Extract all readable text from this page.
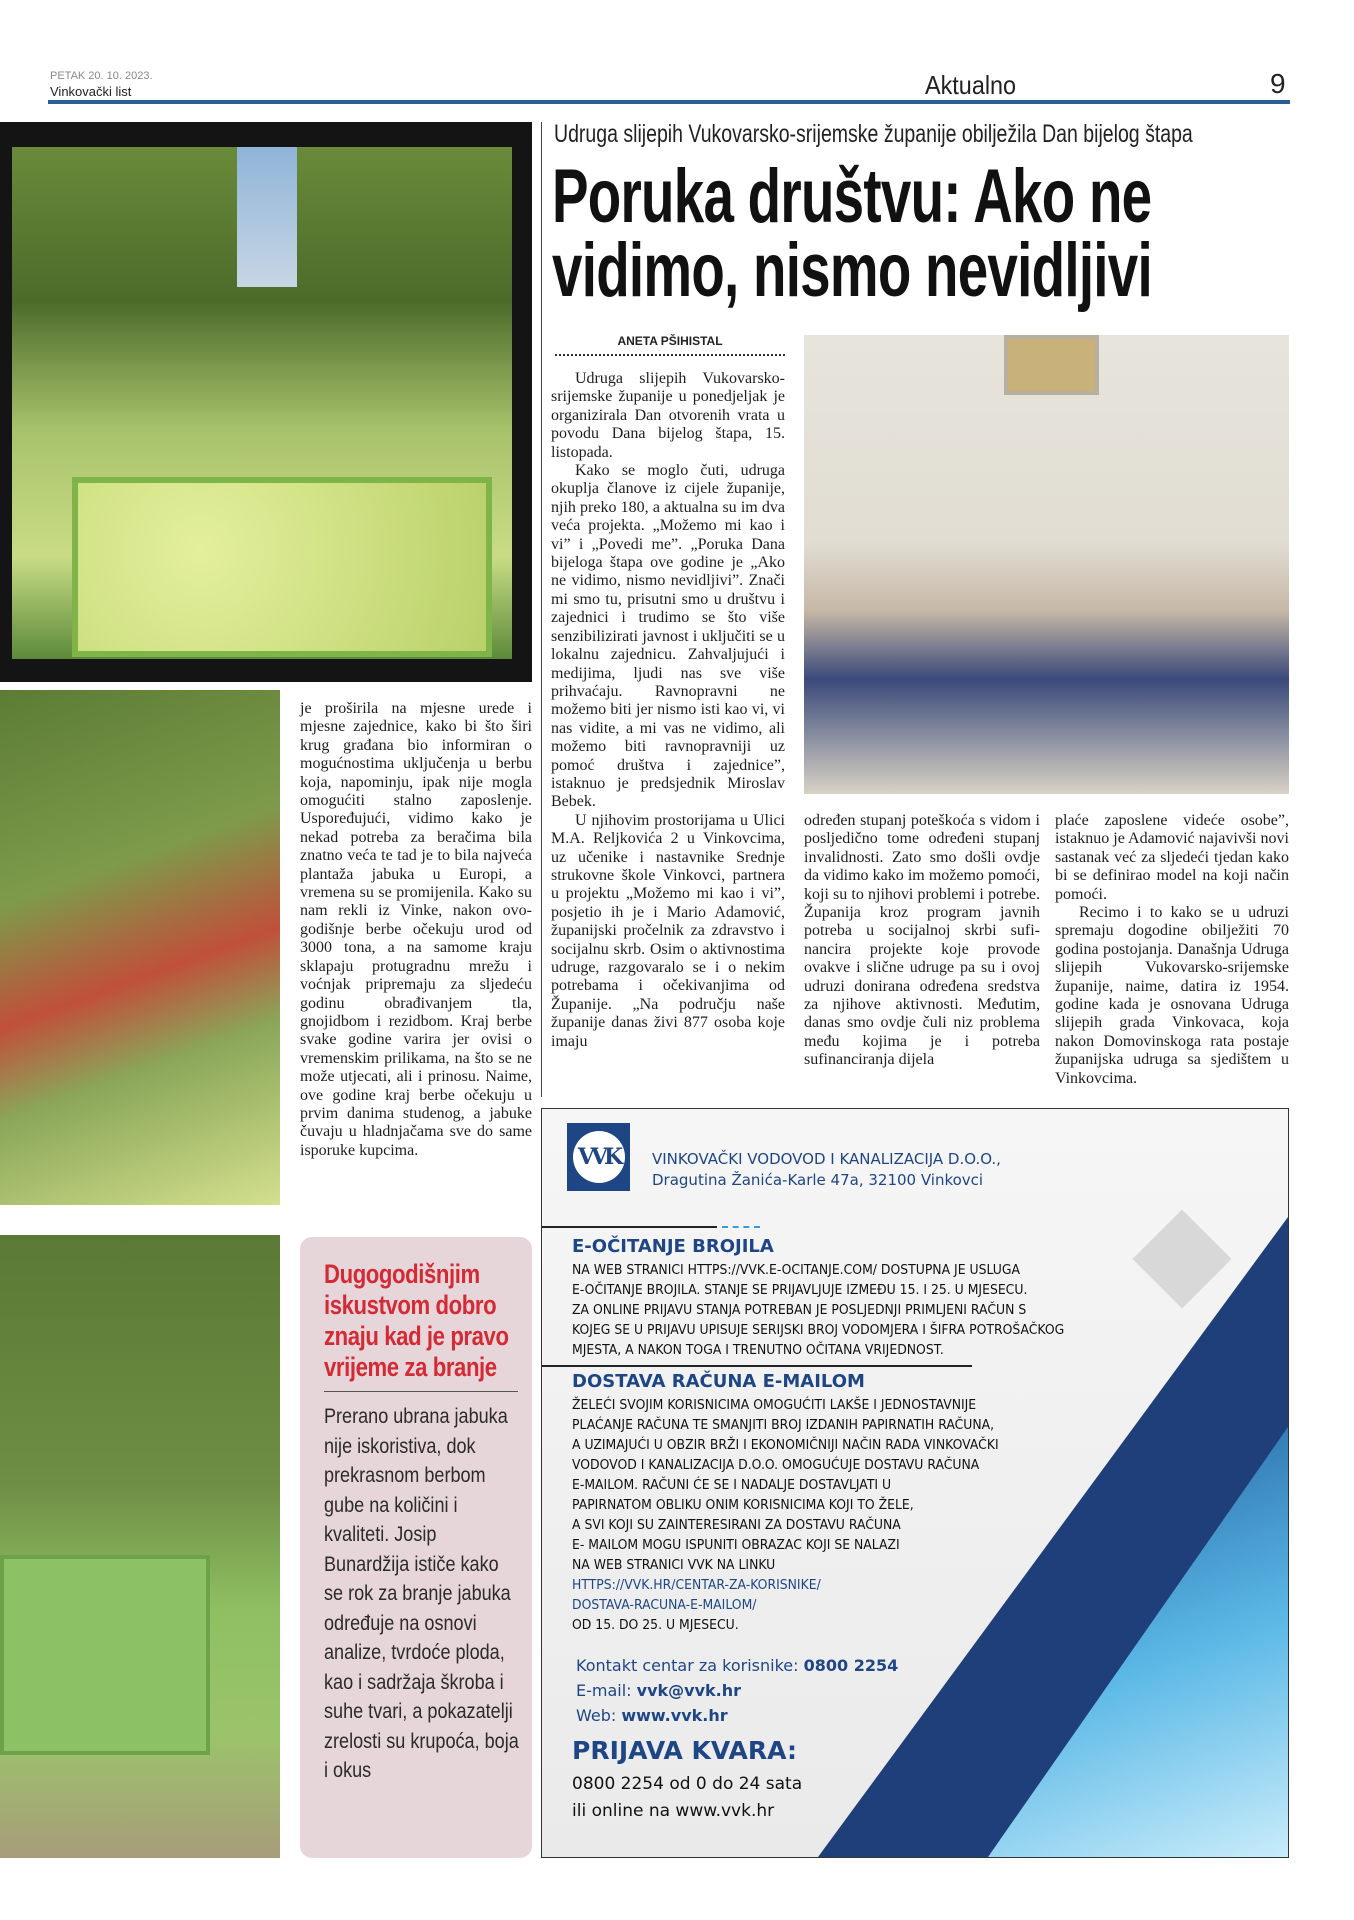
PETAK 20. 10. 2023.
Vinkovački list	Aktualno	9

je proširila na mjesne urede i mjesne zajednice, kako bi što širi krug građana bio informiran o mogućnostima uključenja u berbu koja, napominju, ipak nije mogla omogućiti stalno zaposlenje. Uspoređujući, vidimo kako je nekad potreba za beračima bila znatno veća te tad je to bila najveća plantaža jabuka u Europi, a vremena su se promijenila. Kako su nam rekli iz Vinke, nakon ovogodišnje berbe očekuju urod od 3000 tona, a na samome kraju sklapaju protugradnu mrežu i voćnjak pripremaju za sljedeću godinu obrađivanjem tla, gnojidbom i rezidbom. Kraj berbe svake godine varira jer ovisi o vremenskim prilikama, na što se ne može utjecati, ali i prinosu. Naime, ove godine kraj berbe očekuju u prvim danima studenog, a jabuke čuvaju u hladnjačama sve do same isporuke kupcima.

Dugogodišnjim iskustvom dobro znaju kad je pravo vrijeme za branje
Prerano ubrana jabuka nije iskoristiva, dok prekrasnom berbom gube na količini i kvaliteti. Josip Bunardžija ističe kako se rok za branje jabuka određuje na osnovi analize, tvrdoće ploda, kao i sadržaja škroba i suhe tvari, a pokazatelji zrelosti su krupoća, boja i okus
Udruga slijepih Vukovarsko-srijemske županije obilježila Dan bijelog štapa
Poruka društvu: Ako ne
vidimo, nismo nevidljivi
ANETA PŠIHISTAL

Udruga slijepih Vukovarsko-srijemske županije u ponedjeljak je organizirala Dan otvorenih vrata u povodu Dana bijelog štapa, 15. listopada.

Kako se moglo čuti, udruga okuplja članove iz cijele županije, njih preko 180, a aktualna su im dva veća projekta. „Možemo mi kao i vi” i „Povedi me”. „Poruka Dana bijeloga štapa ove godine je „Ako ne vidimo, nismo nevidljivi”. Znači mi smo tu, prisutni smo u društvu i zajednici i trudimo se što više senzibilizirati javnost i uključiti se u lokalnu zajednicu. Zahvaljujući i medijima, ljudi nas sve više prihvaćaju. Ravnopravni ne možemo biti jer nismo isti kao vi, vi nas vidite, a mi vas ne vidimo, ali možemo biti ravnopravniji uz pomoć društva i zajednice”, istaknuo je predsjednik Miroslav Bebek.

U njihovim prostorijama u Ulici M.A. Reljkovića 2 u Vinkovcima, uz učenike i nastavnike Srednje strukovne škole Vinkovci, partnera u projektu „Možemo mi kao i vi”, posjetio ih je i Mario Adamović, županijski pročelnik za zdravstvo i socijalnu skrb. Osim o aktivnostima udruge, razgovaralo se i o nekim potrebama i očekivanjima od Županije. „Na području naše županije danas živi 877 osoba koje imaju

određen stupanj poteškoća s vidom i posljedično tome određeni stupanj invalidnosti. Zato smo došli ovdje da vidimo kako im možemo pomoći, koji su to njihovi problemi i potrebe. Županija kroz program javnih potreba u socijalnoj skrbi sufinancira projekte koje provode ovakve i slične udruge pa su i ovoj udruzi donirana određena sredstva za njihove aktivnosti. Međutim, danas smo ovdje čuli niz problema među kojima je i potreba sufinanciranja dijela

plaće zaposlene videće osobe”, istaknuo je Adamović najavivši novi sastanak već za sljedeći tjedan kako bi se definirao model na koji način pomoći.

Recimo i to kako se u udruzi spremaju dogodine obilježiti 70 godina postojanja. Današnja Udruga slijepih Vukovarsko-srijemske županije, naime, datira iz 1954. godine kada je osnovana Udruga slijepih grada Vinkovaca, koja nakon Domovinskoga rata postaje županijska udruga sa sjedištem u Vinkovcima.

VVK	VINKOVAČKI VODOVOD I KANALIZACIJA D.O.O.,
Dragutina Žanića-Karle 47a, 32100 Vinkovci
E-OČITANJE BROJILA
NA WEB STRANICI HTTPS://VVK.E-OCITANJE.COM/ DOSTUPNA JE USLUGA
E-OČITANJE BROJILA. STANJE SE PRIJAVLJUJE IZMEĐU 15. I 25. U MJESECU.
ZA ONLINE PRIJAVU STANJA POTREBAN JE POSLJEDNJI PRIMLJENI RAČUN S
KOJEG SE U PRIJAVU UPISUJE SERIJSKI BROJ VODOMJERA I ŠIFRA POTROŠAČKOG
MJESTA, A NAKON TOGA I TRENUTNO OČITANA VRIJEDNOST.
DOSTAVA RAČUNA E-MAILOM
ŽELEĆI SVOJIM KORISNICIMA OMOGUĆITI LAKŠE I JEDNOSTAVNIJE
PLAĆANJE RAČUNA TE SMANJITI BROJ IZDANIH PAPIRNATIH RAČUNA,
A UZIMAJUĆI U OBZIR BRŽI I EKONOMIČNIJI NAČIN RADA VINKOVAČKI
VODOVOD I KANALIZACIJA D.O.O. OMOGUĆUJE DOSTAVU RAČUNA
E-MAILOM. RAČUNI ĆE SE I NADALJE DOSTAVLJATI U
PAPIRNATOM OBLIKU ONIM KORISNICIMA KOJI TO ŽELE,
A SVI KOJI SU ZAINTERESIRANI ZA DOSTAVU RAČUNA
E- MAILOM MOGU ISPUNITI OBRAZAC KOJI SE NALAZI
NA WEB STRANICI VVK NA LINKU
HTTPS://VVK.HR/CENTAR-ZA-KORISNIKE/
DOSTAVA-RACUNA-E-MAILOM/
OD 15. DO 25. U MJESECU.
Kontakt centar za korisnike: 0800 2254
E-mail: vvk@vvk.hr
Web: www.vvk.hr
PRIJAVA KVARA:
0800 2254 od 0 do 24 sata
ili online na www.vvk.hr
